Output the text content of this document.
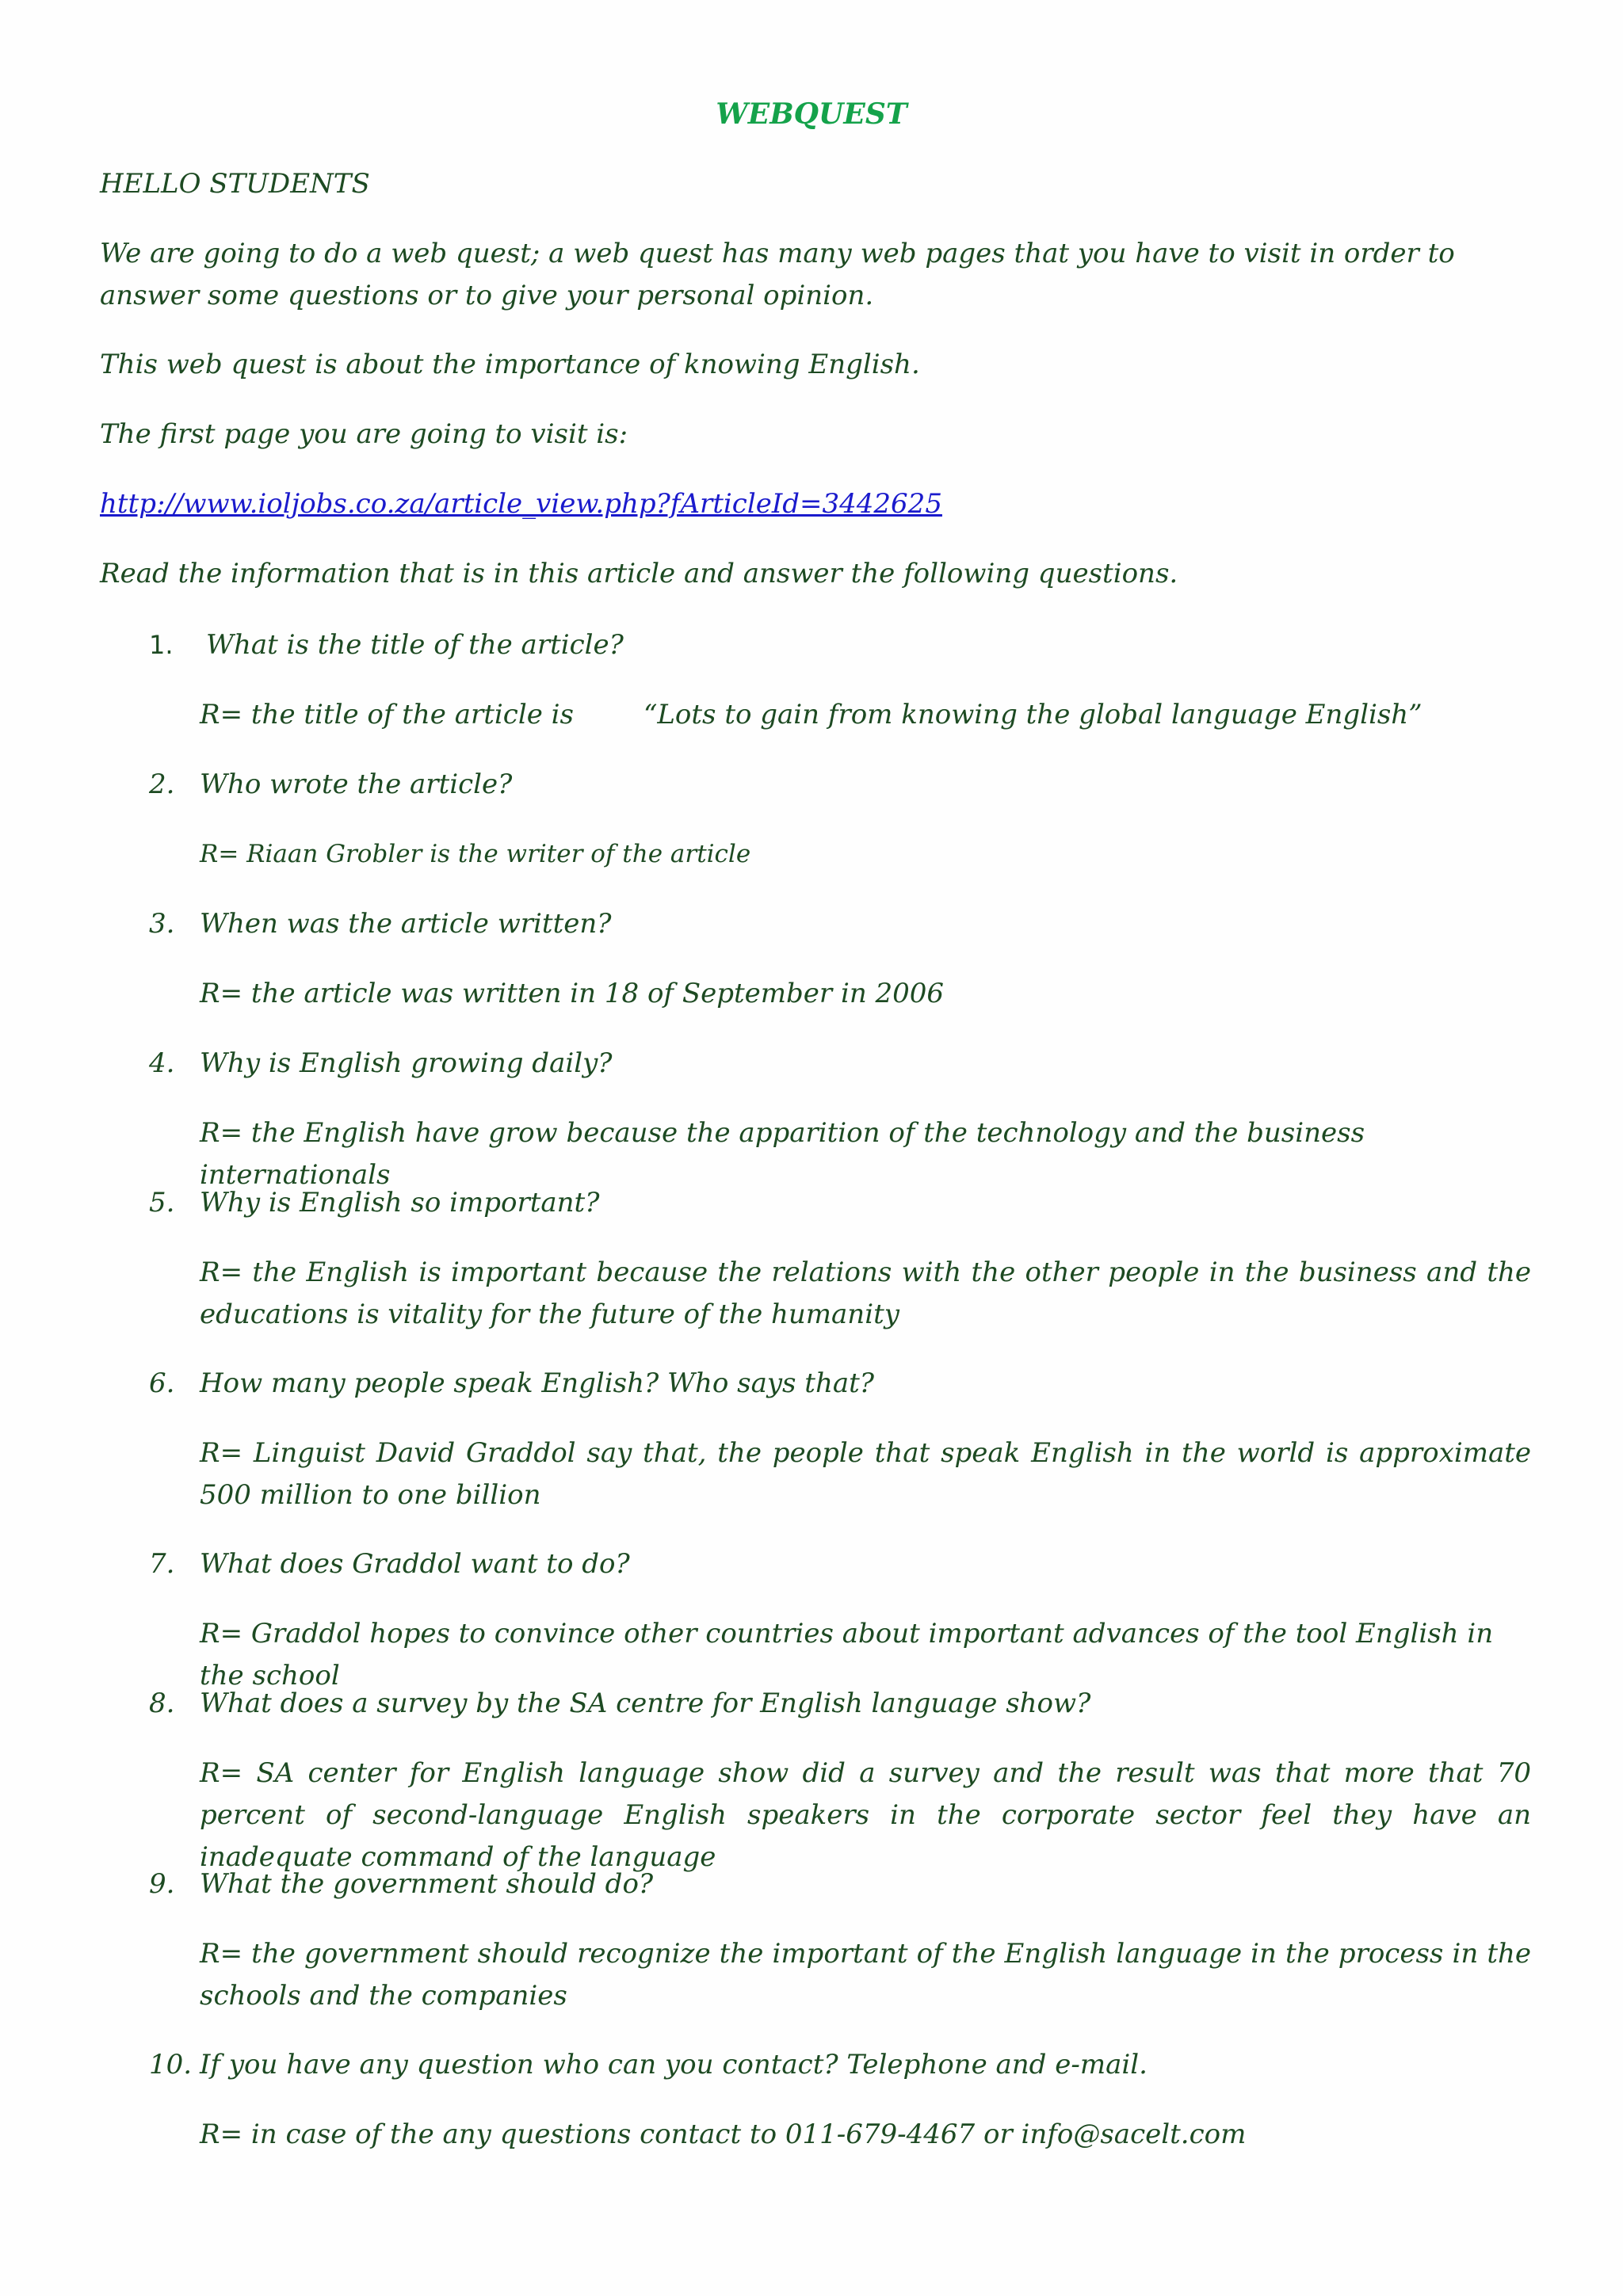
WEBQUEST
HELLO STUDENTS
We are going to do a web quest; a web quest has many web pages that you have to visit in order to answer some questions or to give your personal opinion.
This web quest is about the importance of knowing English.
The first page you are going to visit is:
http://www.ioljobs.co.za/article_view.php?fArticleId=3442625
Read the information that is in this article and answer the following questions.
1. What is the title of the article?
R= the title of the article is	“Lots to gain from knowing the global language English”
2. Who wrote the article?
R= Riaan Grobler is the writer of the article
3. When was the article written?
R= the article was written in 18 of September in 2006
4. Why is English growing daily?
R= the English have grow because the apparition of the technology and the business internationals
5. Why is English so important?
R= the English is important because the relations with the other people in the business and the educations is vitality for the future of the humanity
6. How many people speak English? Who says that?
R= Linguist David Graddol say that, the people that speak English in the world is approximate 500 million to one billion
7. What does Graddol want to do?
R= Graddol hopes to convince other countries about important advances of the tool English in the school
8. What does a survey by the SA centre for English language show?
R= SA center for English language show did a survey and the result was that more that 70 percent of second-language English speakers in the corporate sector feel they have an inadequate command of the language
9. What the government should do?
R= the government should recognize the important of the English language in the process in the schools and the companies
10. If you have any question who can you contact? Telephone and e-mail.
R= in case of the any questions contact to 011-679-4467 or info@sacelt.com
